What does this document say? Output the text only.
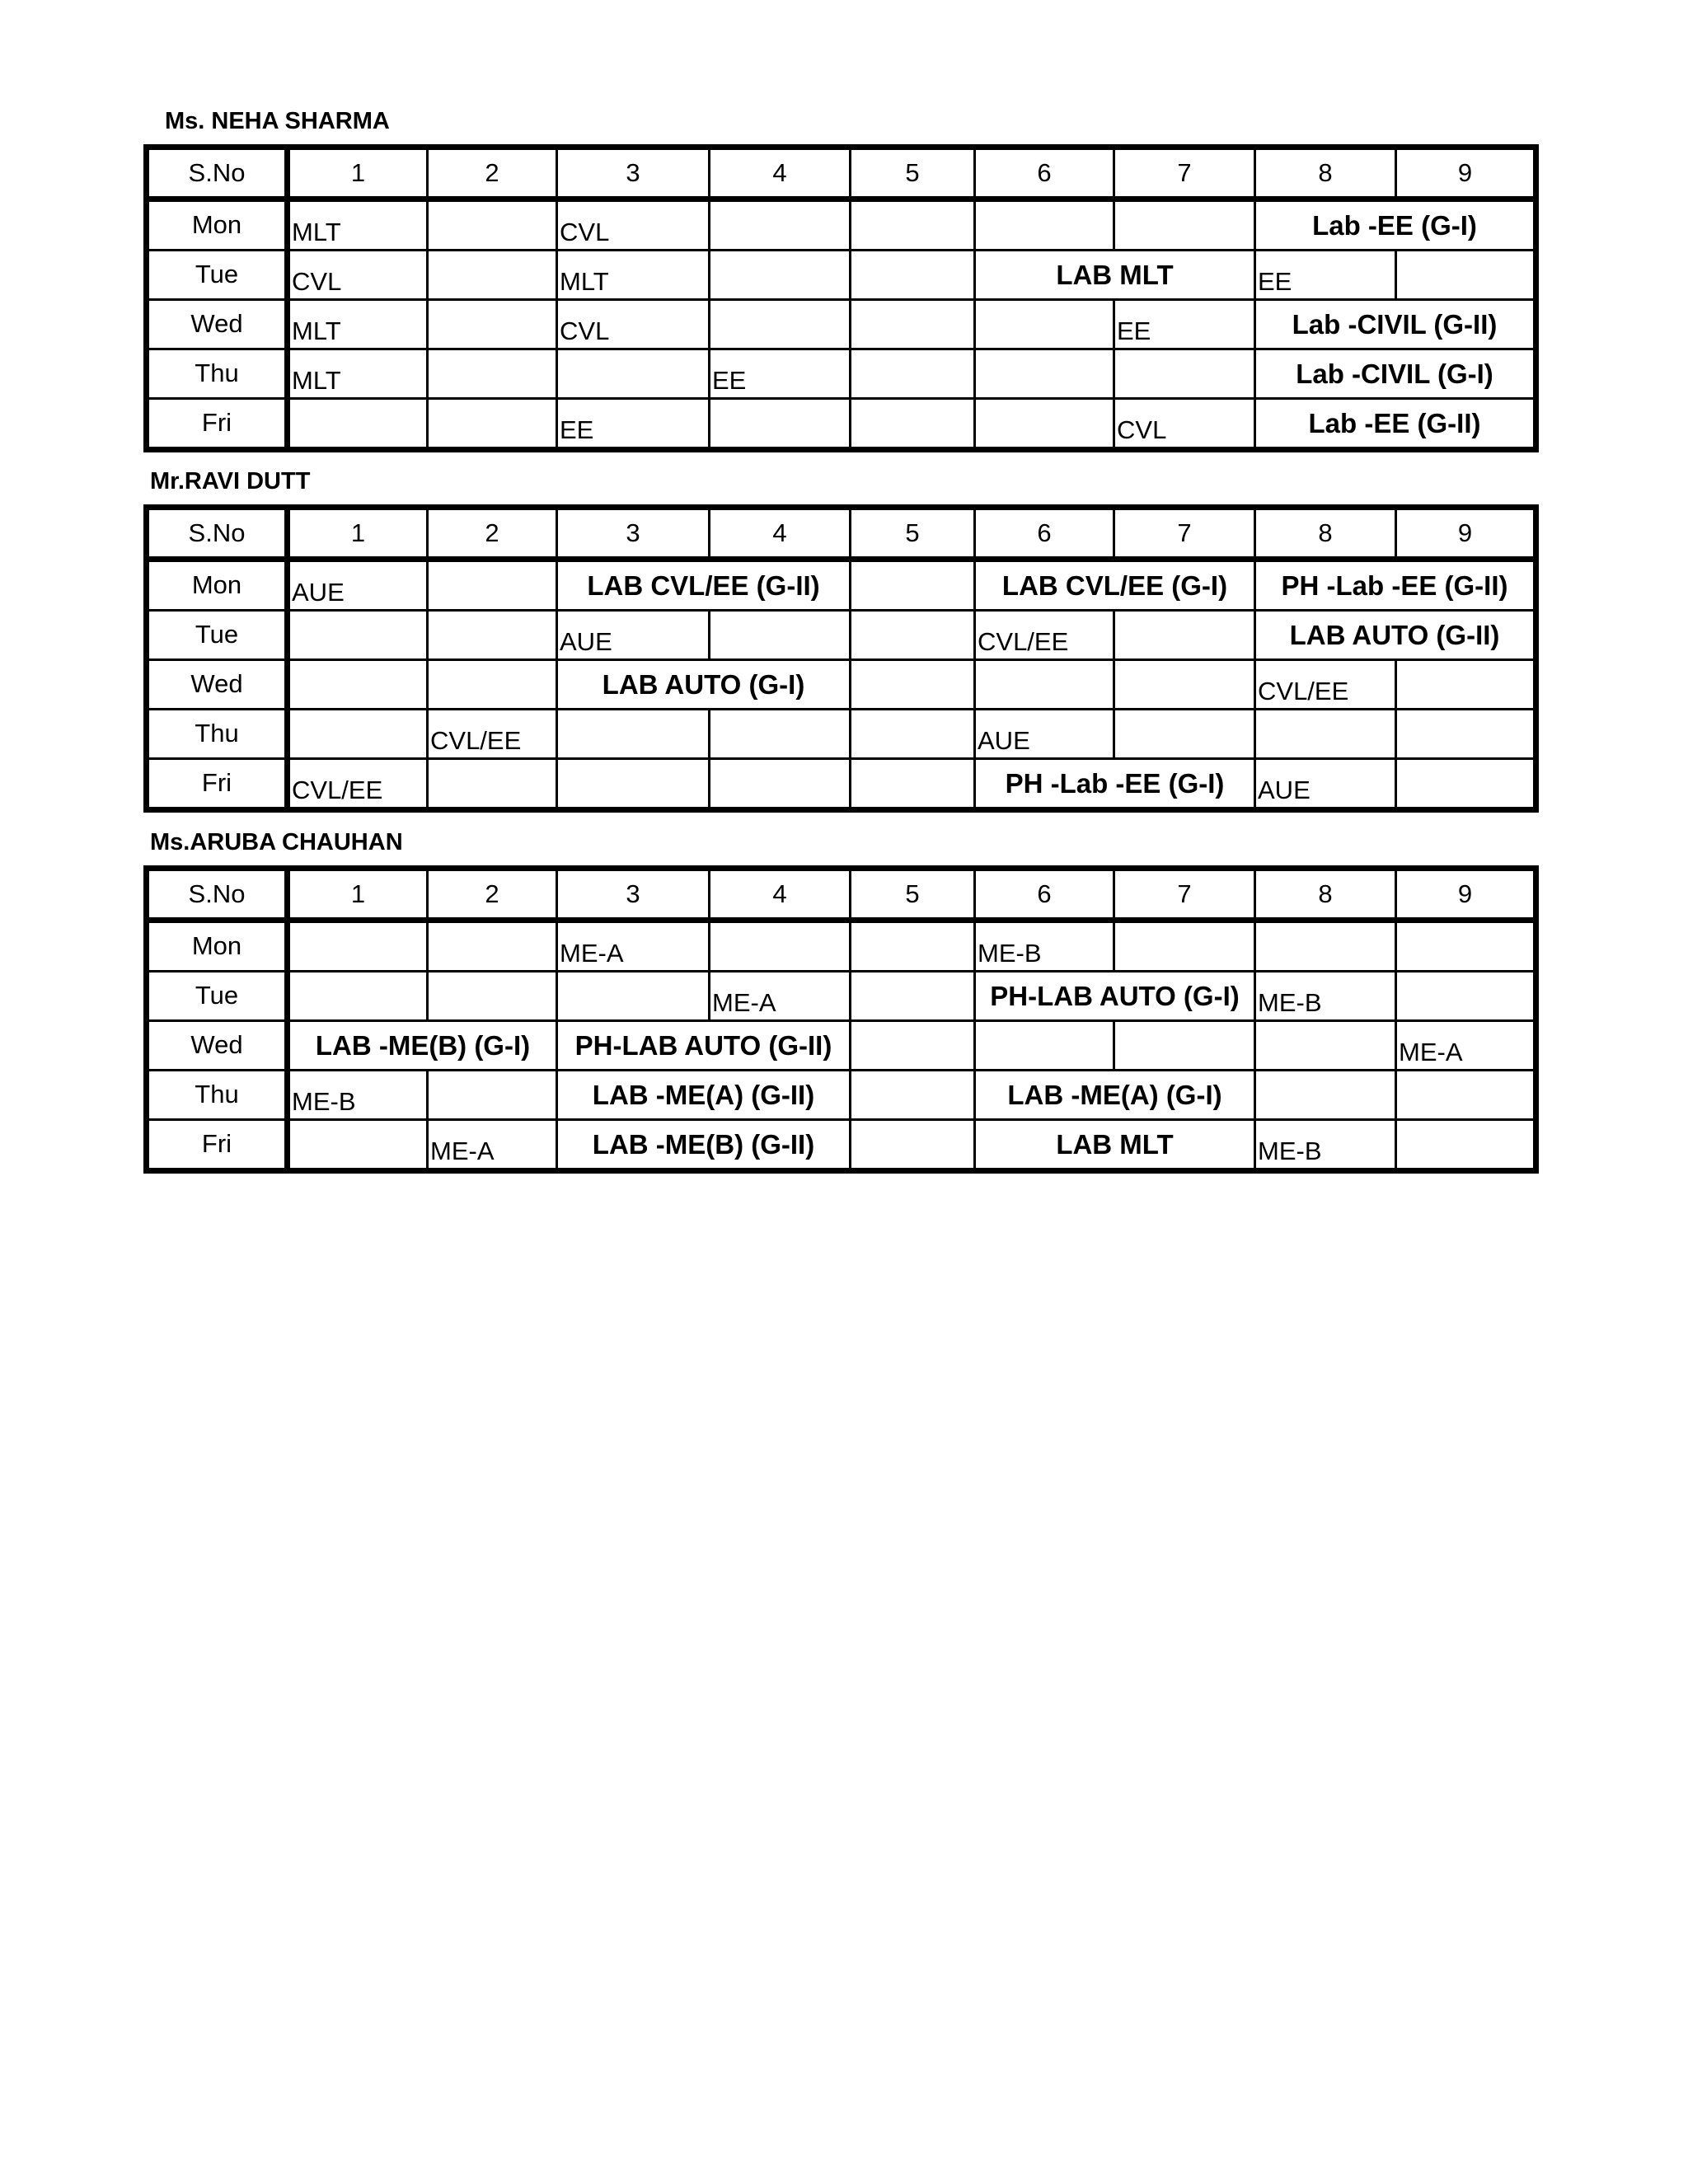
Ms. NEHA SHARMA
S.No	1	2	3	4	5	6	7	8	9
Mon	MLT		CVL					Lab -EE (G-I)	
Tue	CVL		MLT			LAB MLT		EE	
Wed	MLT		CVL				EE	Lab -CIVIL (G-II)	
Thu	MLT			EE				Lab -CIVIL (G-I)	
Fri			EE				CVL	Lab -EE (G-II)	
Mr.RAVI DUTT
S.No	1	2	3	4	5	6	7	8	9
Mon	AUE		LAB CVL/EE (G-II)			LAB CVL/EE (G-I)		PH -Lab -EE (G-II)	
Tue			AUE			CVL/EE		LAB AUTO (G-II)	
Wed			LAB AUTO (G-I)					CVL/EE	
Thu		CVL/EE				AUE			
Fri	CVL/EE					PH -Lab -EE (G-I)		AUE	
Ms.ARUBA CHAUHAN
S.No	1	2	3	4	5	6	7	8	9
Mon			ME-A			ME-B			
Tue				ME-A		PH-LAB AUTO (G-I)		ME-B	
Wed	LAB -ME(B) (G-I)		PH-LAB AUTO (G-II)						ME-A
Thu	ME-B		LAB -ME(A) (G-II)			LAB -ME(A) (G-I)			
Fri		ME-A	LAB -ME(B) (G-II)			LAB MLT		ME-B	
